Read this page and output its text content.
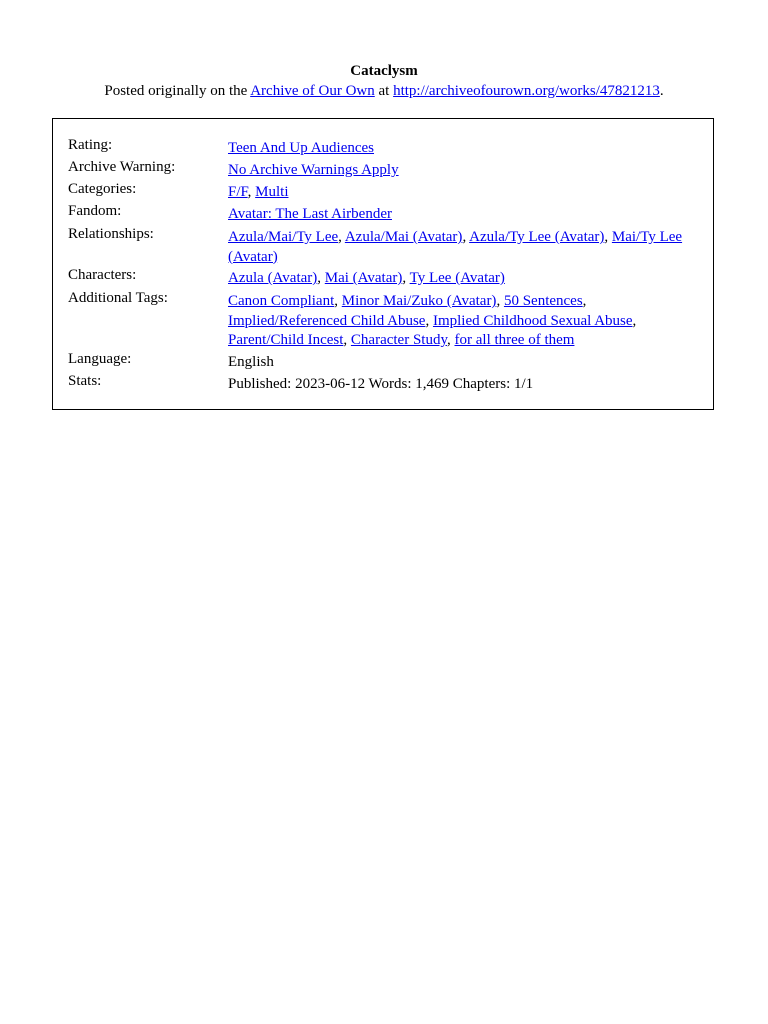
Cataclysm
Posted originally on the Archive of Our Own at http://archiveofourown.org/works/47821213.
Rating:	Teen And Up Audiences
Archive Warning:	No Archive Warnings Apply
Categories:	F/F, Multi
Fandom:	Avatar: The Last Airbender
Relationships:	Azula/Mai/Ty Lee, Azula/Mai (Avatar), Azula/Ty Lee (Avatar), Mai/Ty Lee (Avatar)
Characters:	Azula (Avatar), Mai (Avatar), Ty Lee (Avatar)
Additional Tags:	Canon Compliant, Minor Mai/Zuko (Avatar), 50 Sentences, Implied/Referenced Child Abuse, Implied Childhood Sexual Abuse, Parent/Child Incest, Character Study, for all three of them
Language:	English
Stats:	Published: 2023-06-12 Words: 1,469 Chapters: 1/1
